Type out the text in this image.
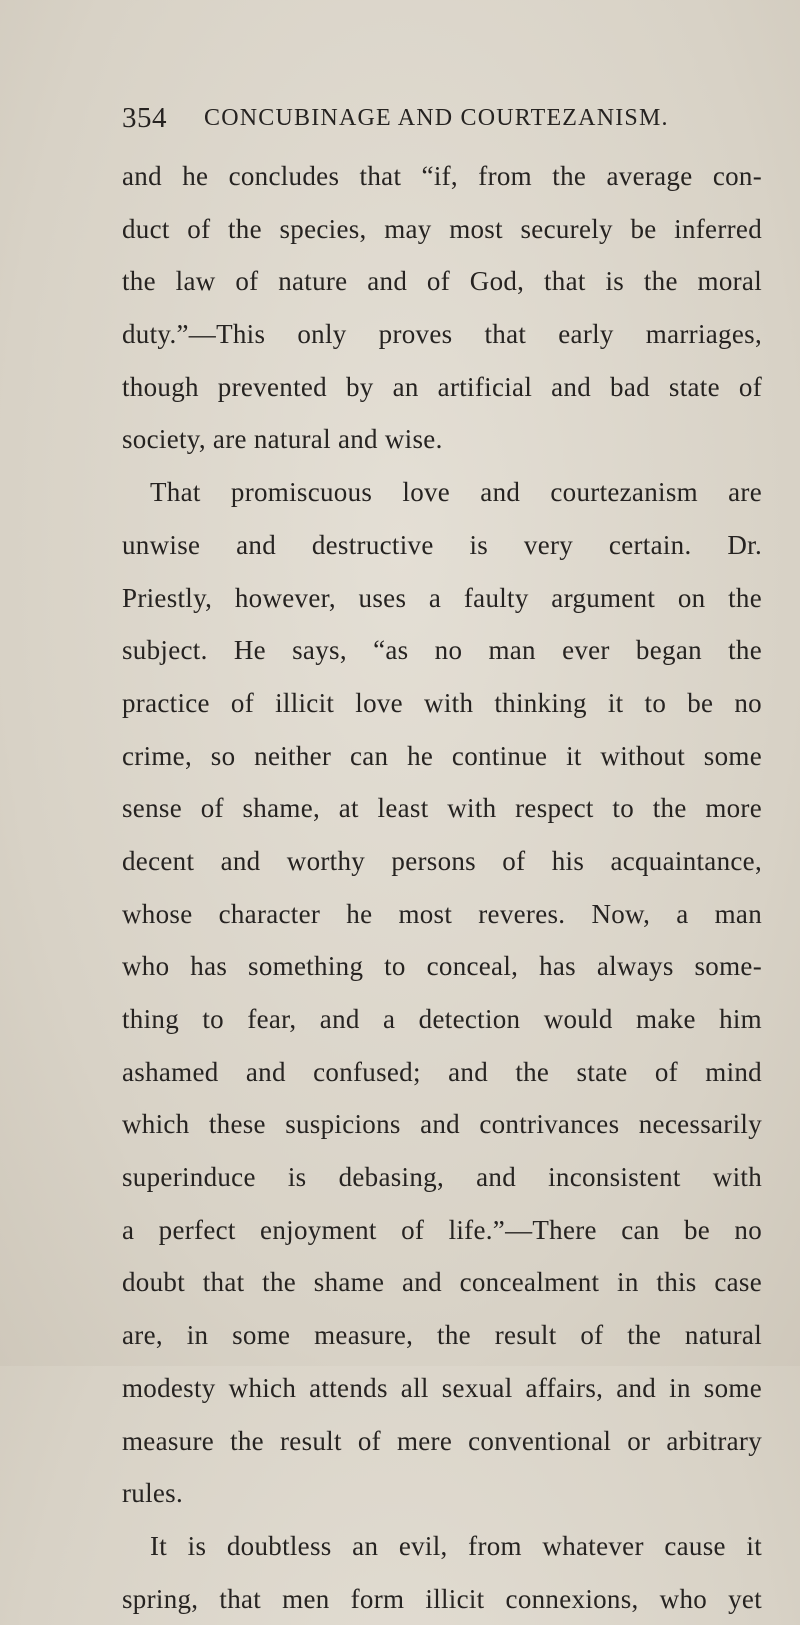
354 CONCUBINAGE AND COURTEZANISM.
and he concludes that “if, from the average con-
duct of the species, may most securely be inferred
the law of nature and of God, that is the moral
duty.”—This only proves that early marriages,
though prevented by an artificial and bad state of
society, are natural and wise.
That promiscuous love and courtezanism are
unwise and destructive is very certain. Dr.
Priestly, however, uses a faulty argument on the
subject. He says, “as no man ever began the
practice of illicit love with thinking it to be no
crime, so neither can he continue it without some
sense of shame, at least with respect to the more
decent and worthy persons of his acquaintance,
whose character he most reveres. Now, a man
who has something to conceal, has always some-
thing to fear, and a detection would make him
ashamed and confused; and the state of mind
which these suspicions and contrivances necessarily
superinduce is debasing, and inconsistent with
a perfect enjoyment of life.”—There can be no
doubt that the shame and concealment in this case
are, in some measure, the result of the natural
modesty which attends all sexual affairs, and in some
measure the result of mere conventional or arbitrary
rules.
It is doubtless an evil, from whatever cause it
spring, that men form illicit connexions, who yet
